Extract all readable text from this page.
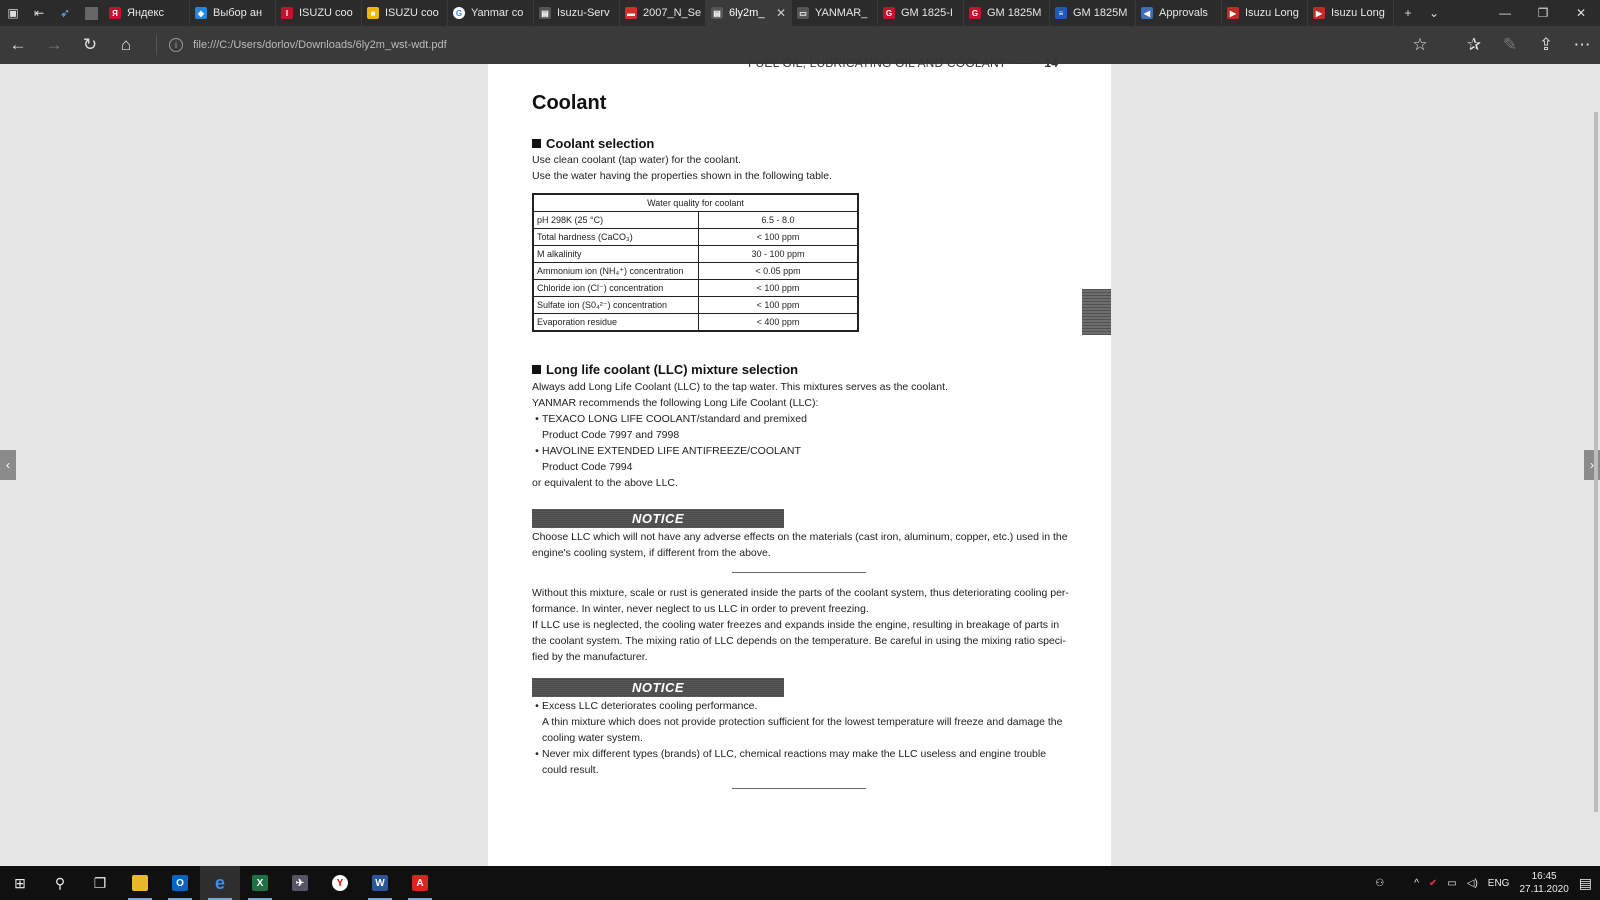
▣	⇤	➶	Я Яндекс	◆ Выбор ан	I ISUZU coo	■ ISUZU coo	G Yanmar co ▤ Isuzu-Serv ▬ 2007_N_Se ▤ 6ly2m_ ✕ ▭ YANMAR_	G GM 1825-I	G GM 1825M	≡ GM 1825M	◀ Approvals	▶ Isuzu Long	▶ Isuzu Long	+	⌄	—	❐	✕
←	→	↻	⌂	i	file:///C:/Users/dorlov/Downloads/6ly2m_wst-wdt.pdf	☆	✰	✎	⇪	⋯
‹	›
FUEL OIL, LUBRICATING OIL AND COOLANT	14
Coolant
Coolant selection
Use clean coolant (tap water) for the coolant.
Use the water having the properties shown in the following table.
Water quality for coolant	
pH 298K (25 °C)	6.5 - 8.0
Total hardness (CaCO₃)	< 100 ppm
M alkalinity	30 - 100 ppm
Ammonium ion (NH₄⁺) concentration	< 0.05 ppm
Chloride ion (Cl⁻) concentration	< 100 ppm
Sulfate ion (S0₄²⁻) concentration	< 100 ppm
Evaporation residue	< 400 ppm
Long life coolant (LLC) mixture selection
Always add Long Life Coolant (LLC) to the tap water. This mixtures serves as the coolant.
YANMAR recommends the following Long Life Coolant (LLC):
• TEXACO LONG LIFE COOLANT/standard and premixed
Product Code 7997 and 7998
• HAVOLINE EXTENDED LIFE ANTIFREEZE/COOLANT
Product Code 7994
or equivalent to the above LLC.
NOTICE
Choose LLC which will not have any adverse effects on the materials (cast iron, aluminum, copper, etc.) used in the
engine's cooling system, if different from the above.
Without this mixture, scale or rust is generated inside the parts of the coolant system, thus deteriorating cooling per-
formance. In winter, never neglect to us LLC in order to prevent freezing.
If LLC use is neglected, the cooling water freezes and expands inside the engine, resulting in breakage of parts in
the coolant system. The mixing ratio of LLC depends on the temperature. Be careful in using the mixing ratio speci-
fied by the manufacturer.
NOTICE
• Excess LLC deteriorates cooling performance.
A thin mixture which does not provide protection sufficient for the lowest temperature will freeze and damage the
cooling water system.
• Never mix different types (brands) of LLC, chemical reactions may make the LLC useless and engine trouble
could result.
⊞ ⚲ ❐	O e	X	✈	Y	W	A	⚇	^ ✔ ▭ ◁) ENG
16:45
27.11.2020 ▤
